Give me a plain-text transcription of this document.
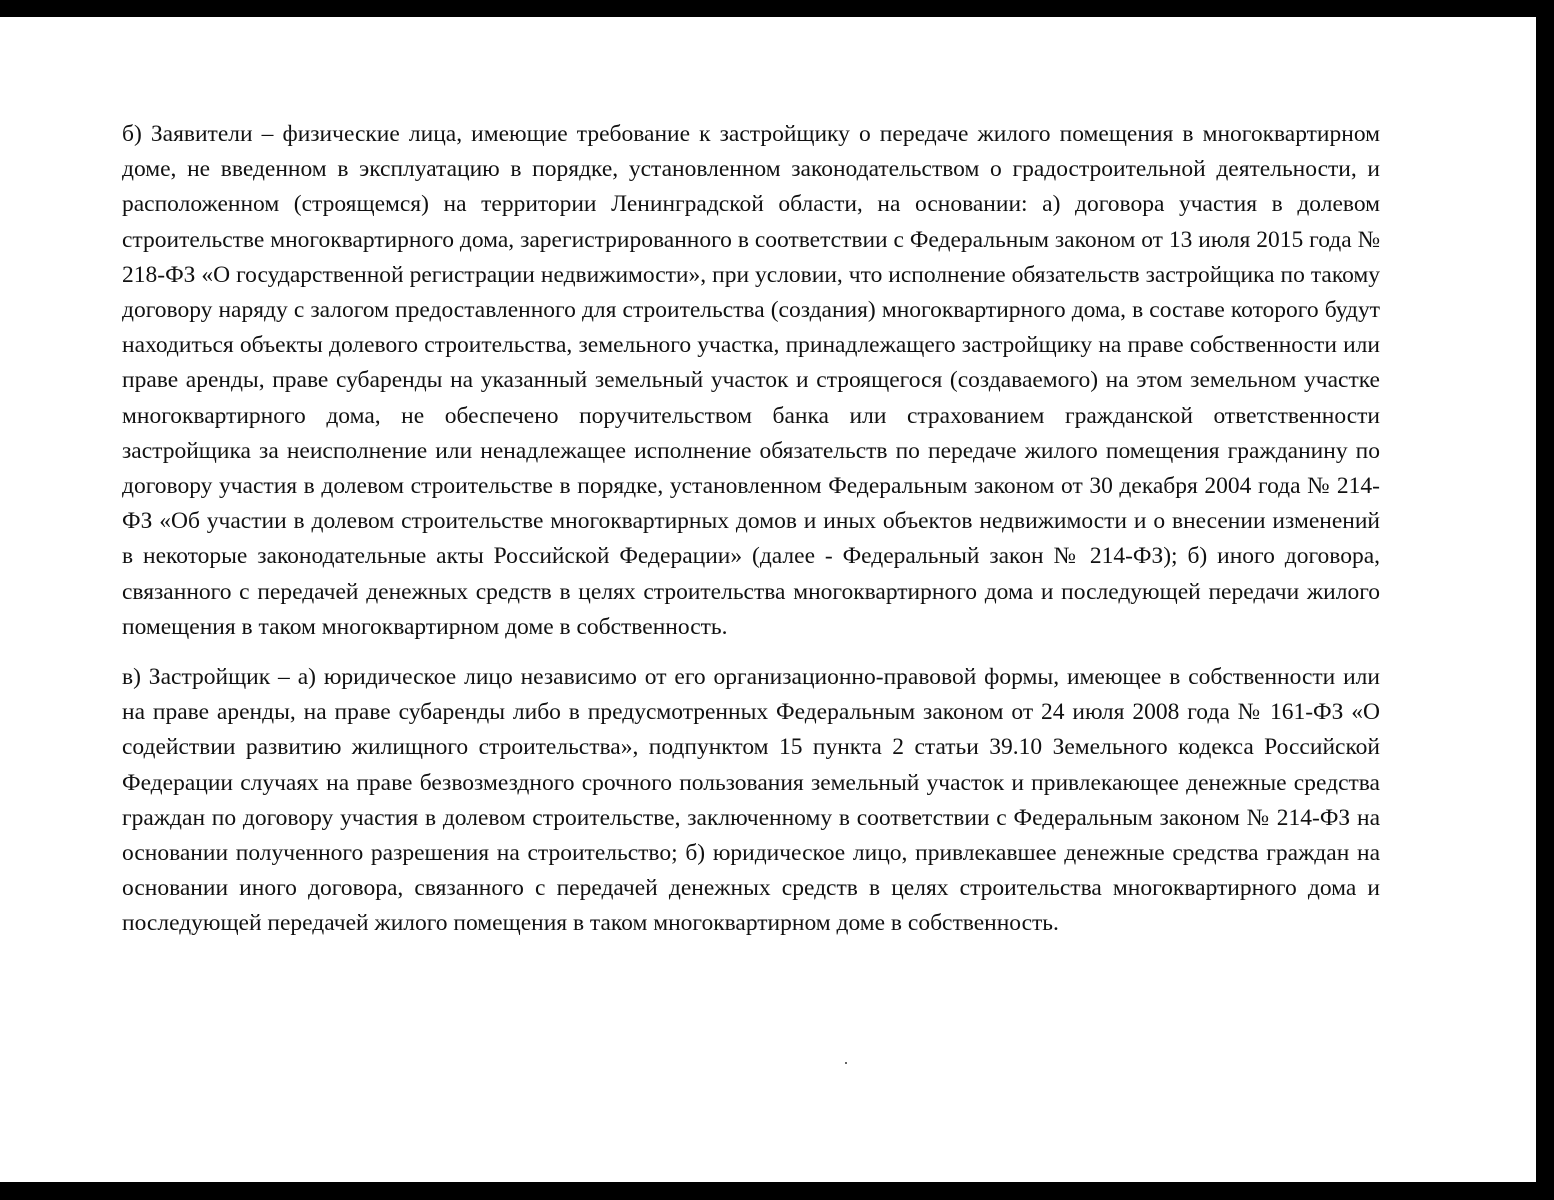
б) Заявители – физические лица, имеющие требование к застройщику о передаче жилого помещения в многоквартирном доме, не введенном в эксплуатацию в порядке, установленном законодательством о градостроительной деятельности, и расположенном (строящемся) на территории Ленинградской области, на основании: а) договора участия в долевом строительстве многоквартирного дома, зарегистрированного в соответствии с Федеральным законом от 13 июля 2015 года № 218-ФЗ «О государственной регистрации недвижимости», при условии, что исполнение обязательств застройщика по такому договору наряду с залогом предоставленного для строительства (создания) многоквартирного дома, в составе которого будут находиться объекты долевого строительства, земельного участка, принадлежащего застройщику на праве собственности или праве аренды, праве субаренды на указанный земельный участок и строящегося (создаваемого) на этом земельном участке многоквартирного дома, не обеспечено поручительством банка или страхованием гражданской ответственности застройщика за неисполнение или ненадлежащее исполнение обязательств по передаче жилого помещения гражданину по договору участия в долевом строительстве в порядке, установленном Федеральным законом от 30 декабря 2004 года № 214-ФЗ «Об участии в долевом строительстве многоквартирных домов и иных объектов недвижимости и о внесении изменений в некоторые законодательные акты Российской Федерации» (далее - Федеральный закон № 214-ФЗ); б) иного договора, связанного с передачей денежных средств в целях строительства многоквартирного дома и последующей передачи жилого помещения в таком многоквартирном доме в собственность.

в) Застройщик – а) юридическое лицо независимо от его организационно-правовой формы, имеющее в собственности или на праве аренды, на праве субаренды либо в предусмотренных Федеральным законом от 24 июля 2008 года № 161-ФЗ «О содействии развитию жилищного строительства», подпунктом 15 пункта 2 статьи 39.10 Земельного кодекса Российской Федерации случаях на праве безвозмездного срочного пользования земельный участок и привлекающее денежные средства граждан по договору участия в долевом строительстве, заключенному в соответствии с Федеральным законом № 214-ФЗ на основании полученного разрешения на строительство; б) юридическое лицо, привлекавшее денежные средства граждан на основании иного договора, связанного с передачей денежных средств в целях строительства многоквартирного дома и последующей передачей жилого помещения в таком многоквартирном доме в собственность.
